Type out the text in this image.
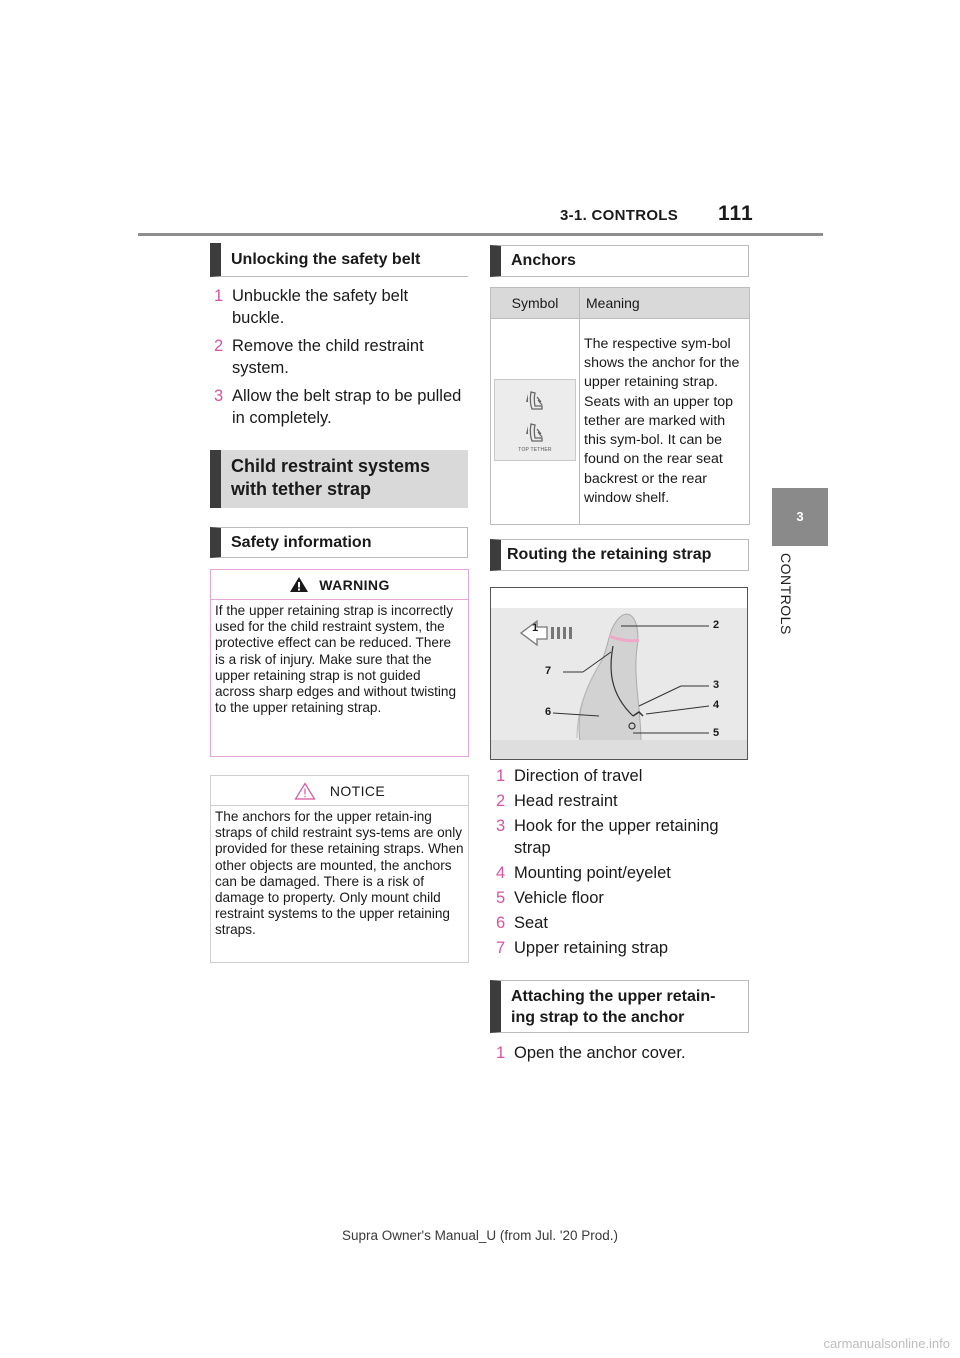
3-1. CONTROLS 111
3
CONTROLS
Unlocking the safety belt
1 Unbuckle the safety belt buckle.
2 Remove the child restraint system.
3 Allow the belt strap to be pulled in completely.
Child restraint systems with tether strap
Safety information
WARNING
If the upper retaining strap is incorrectly used for the child restraint system, the protective effect can be reduced. There is a risk of injury. Make sure that the upper retaining strap is not guided across sharp edges and without twisting to the upper retaining strap.
NOTICE
The anchors for the upper retain-ing straps of child restraint sys-tems are only provided for these retaining straps. When other objects are mounted, the anchors can be damaged. There is a risk of damage to property. Only mount child restraint systems to the upper retaining straps.
Anchors
Symbol	Meaning

TOP TETHER	The respective sym-bol shows the anchor for the upper retaining strap. Seats with an upper top tether are marked with this sym-bol. It can be found on the rear seat backrest or the rear window shelf.
Routing the retaining strap
1	2
3
4
5
6
7
1 Direction of travel
2 Head restraint
3 Hook for the upper retaining strap
4 Mounting point/eyelet
5 Vehicle floor
6 Seat
7 Upper retaining strap
Attaching the upper retain-ing strap to the anchor
1 Open the anchor cover.
Supra Owner's Manual_U (from Jul. '20 Prod.)
carmanualsonline.info
